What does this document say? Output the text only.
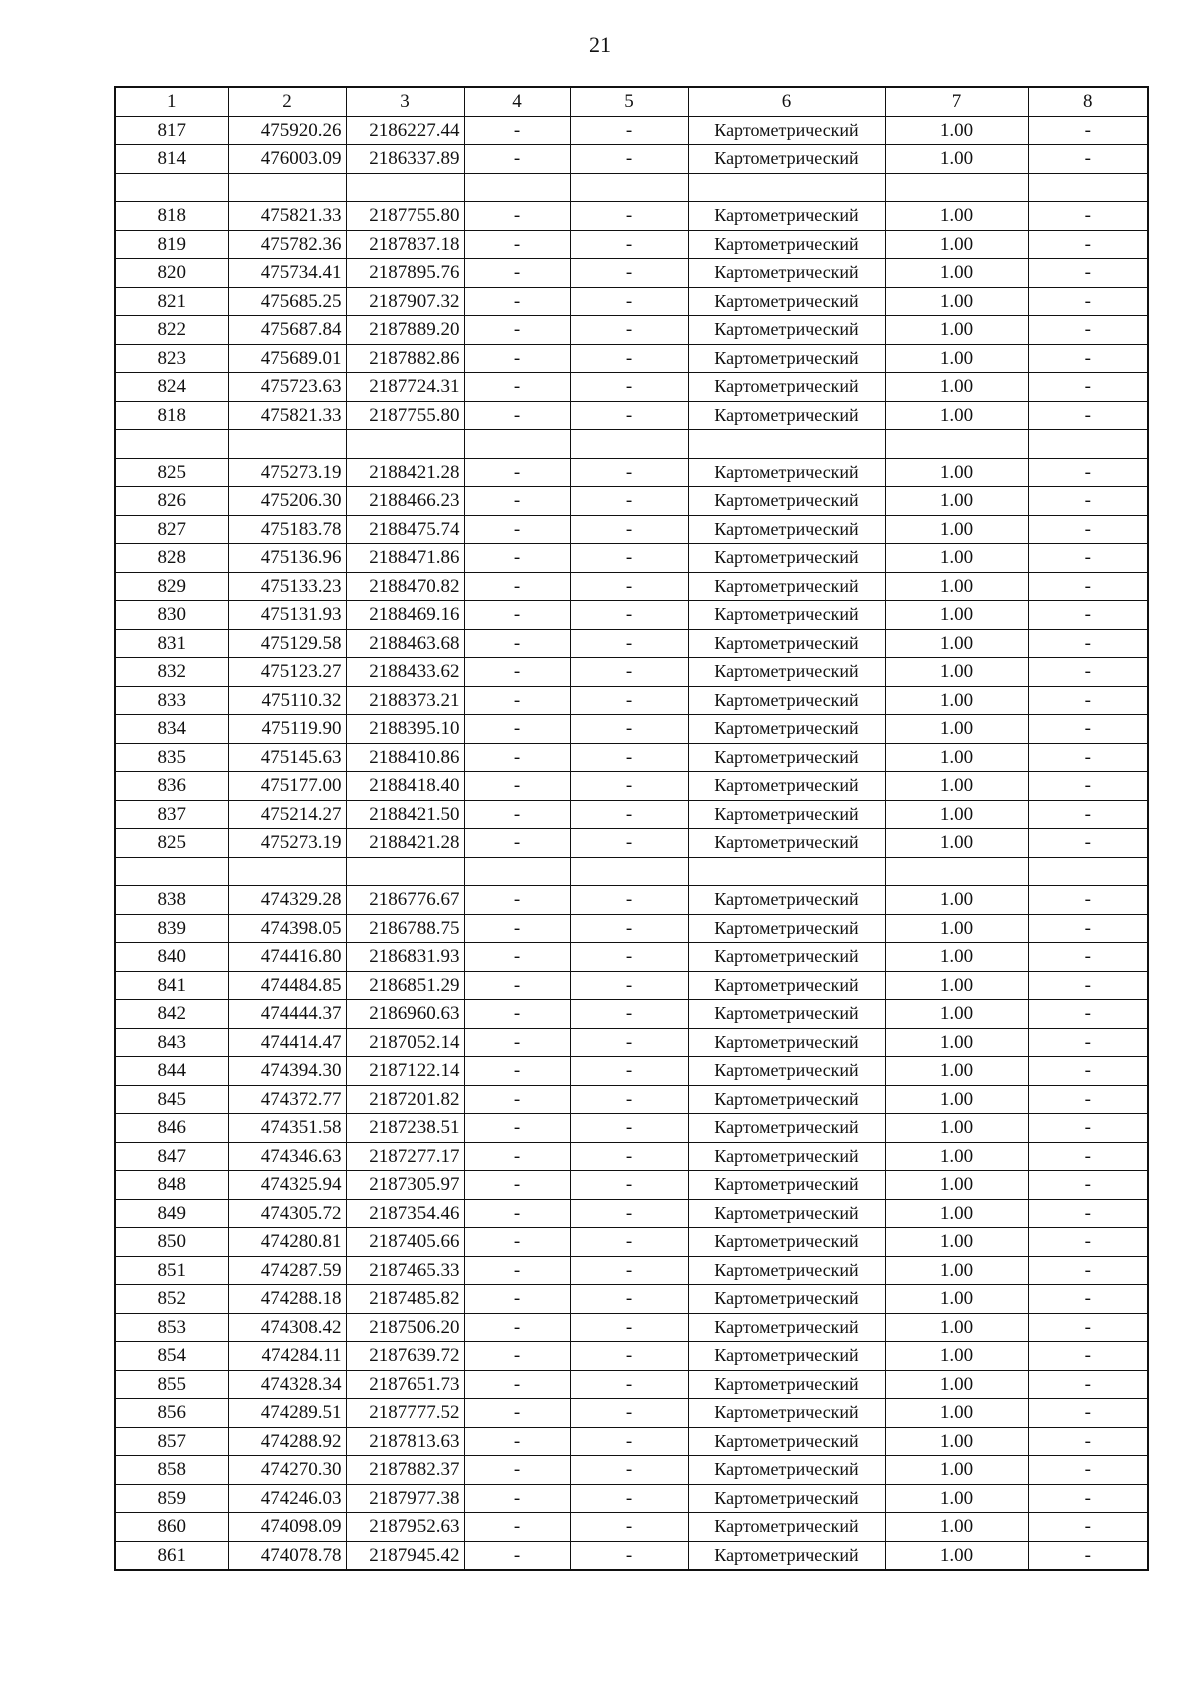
21
1	2	3	4	5	6	7	8
817	475920.26	2186227.44	-	-	Картометрический	1.00	-
814	476003.09	2186337.89	-	-	Картометрический	1.00	-

818	475821.33	2187755.80	-	-	Картометрический	1.00	-
819	475782.36	2187837.18	-	-	Картометрический	1.00	-
820	475734.41	2187895.76	-	-	Картометрический	1.00	-
821	475685.25	2187907.32	-	-	Картометрический	1.00	-
822	475687.84	2187889.20	-	-	Картометрический	1.00	-
823	475689.01	2187882.86	-	-	Картометрический	1.00	-
824	475723.63	2187724.31	-	-	Картометрический	1.00	-
818	475821.33	2187755.80	-	-	Картометрический	1.00	-

825	475273.19	2188421.28	-	-	Картометрический	1.00	-
826	475206.30	2188466.23	-	-	Картометрический	1.00	-
827	475183.78	2188475.74	-	-	Картометрический	1.00	-
828	475136.96	2188471.86	-	-	Картометрический	1.00	-
829	475133.23	2188470.82	-	-	Картометрический	1.00	-
830	475131.93	2188469.16	-	-	Картометрический	1.00	-
831	475129.58	2188463.68	-	-	Картометрический	1.00	-
832	475123.27	2188433.62	-	-	Картометрический	1.00	-
833	475110.32	2188373.21	-	-	Картометрический	1.00	-
834	475119.90	2188395.10	-	-	Картометрический	1.00	-
835	475145.63	2188410.86	-	-	Картометрический	1.00	-
836	475177.00	2188418.40	-	-	Картометрический	1.00	-
837	475214.27	2188421.50	-	-	Картометрический	1.00	-
825	475273.19	2188421.28	-	-	Картометрический	1.00	-

838	474329.28	2186776.67	-	-	Картометрический	1.00	-
839	474398.05	2186788.75	-	-	Картометрический	1.00	-
840	474416.80	2186831.93	-	-	Картометрический	1.00	-
841	474484.85	2186851.29	-	-	Картометрический	1.00	-
842	474444.37	2186960.63	-	-	Картометрический	1.00	-
843	474414.47	2187052.14	-	-	Картометрический	1.00	-
844	474394.30	2187122.14	-	-	Картометрический	1.00	-
845	474372.77	2187201.82	-	-	Картометрический	1.00	-
846	474351.58	2187238.51	-	-	Картометрический	1.00	-
847	474346.63	2187277.17	-	-	Картометрический	1.00	-
848	474325.94	2187305.97	-	-	Картометрический	1.00	-
849	474305.72	2187354.46	-	-	Картометрический	1.00	-
850	474280.81	2187405.66	-	-	Картометрический	1.00	-
851	474287.59	2187465.33	-	-	Картометрический	1.00	-
852	474288.18	2187485.82	-	-	Картометрический	1.00	-
853	474308.42	2187506.20	-	-	Картометрический	1.00	-
854	474284.11	2187639.72	-	-	Картометрический	1.00	-
855	474328.34	2187651.73	-	-	Картометрический	1.00	-
856	474289.51	2187777.52	-	-	Картометрический	1.00	-
857	474288.92	2187813.63	-	-	Картометрический	1.00	-
858	474270.30	2187882.37	-	-	Картометрический	1.00	-
859	474246.03	2187977.38	-	-	Картометрический	1.00	-
860	474098.09	2187952.63	-	-	Картометрический	1.00	-
861	474078.78	2187945.42	-	-	Картометрический	1.00	-
